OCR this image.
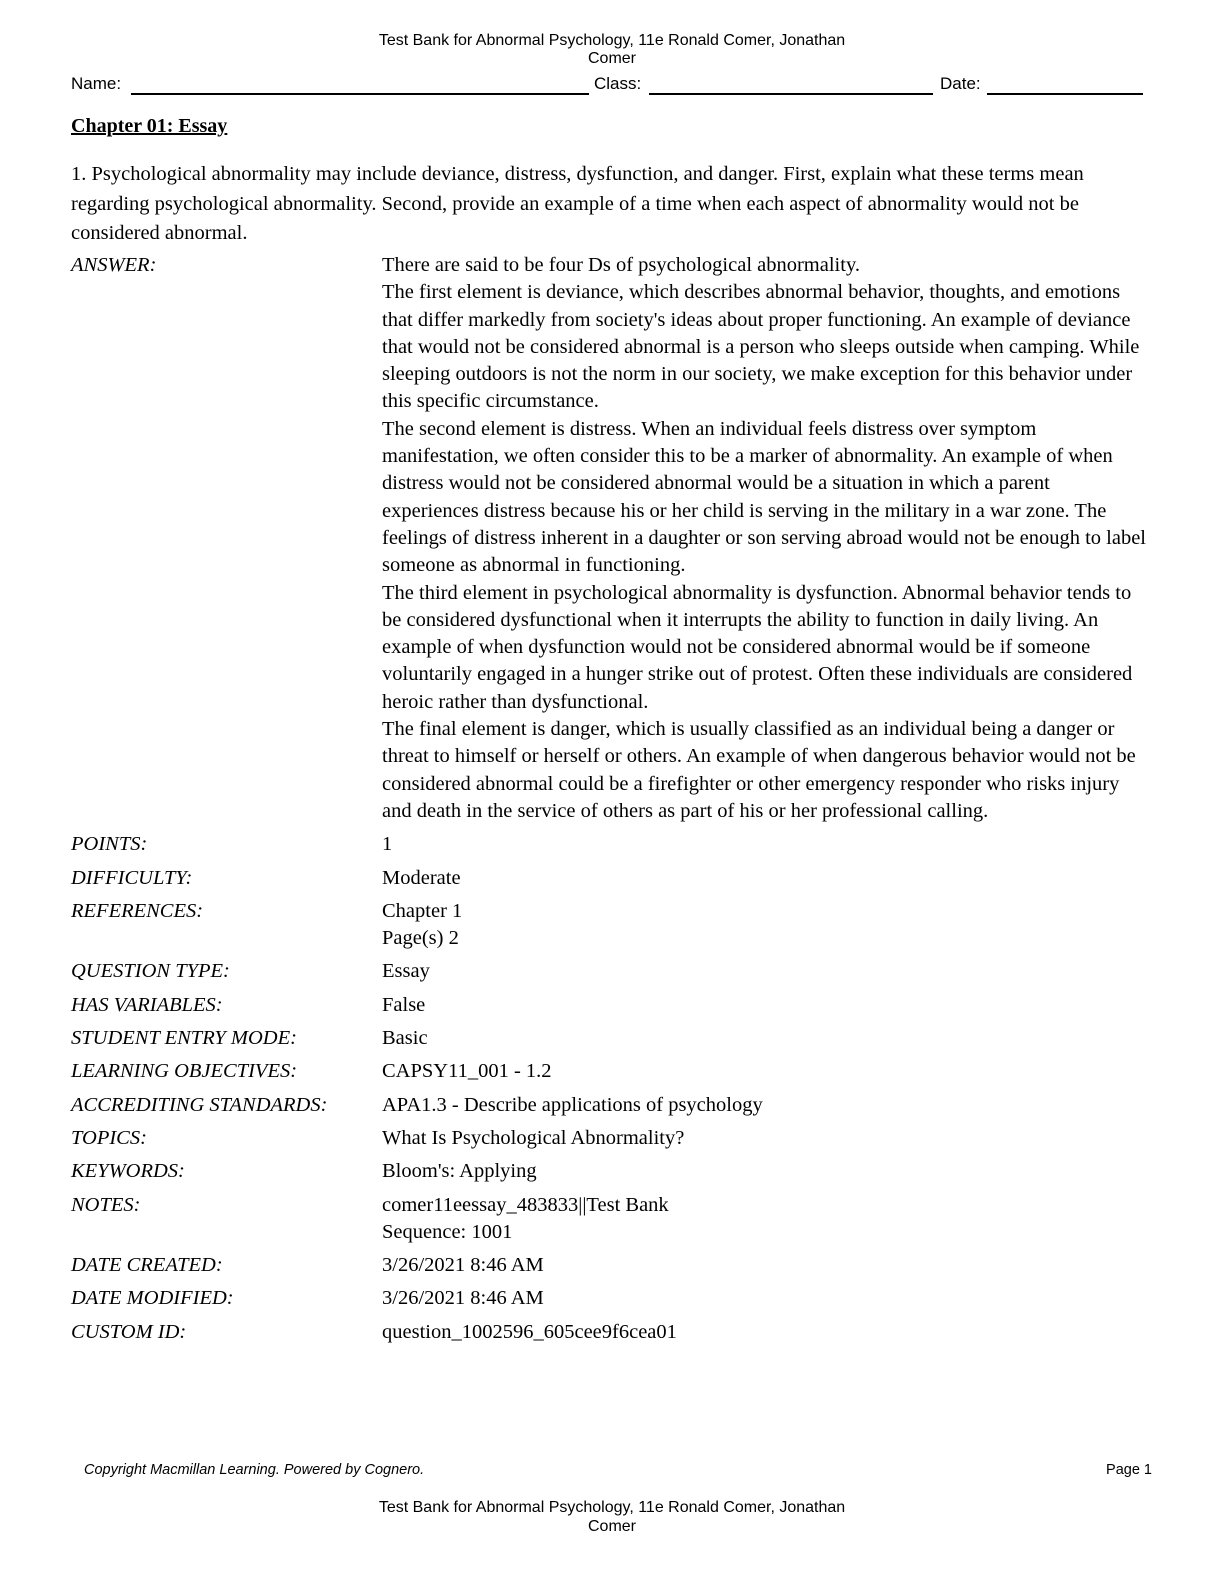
Test Bank for Abnormal Psychology, 11e Ronald Comer, Jonathan
Comer
Name:	Class:	Date:
Chapter 01: Essay
1. Psychological abnormality may include deviance, distress, dysfunction, and danger. First, explain what these terms mean regarding psychological abnormality. Second, provide an example of a time when each aspect of abnormality would not be considered abnormal.
ANSWER:	There are said to be four Ds of psychological abnormality.

The first element is deviance, which describes abnormal behavior, thoughts, and emotions that differ markedly from society's ideas about proper functioning. An example of deviance that would not be considered abnormal is a person who sleeps outside when camping. While sleeping outdoors is not the norm in our society, we make exception for this behavior under this specific circumstance.

The second element is distress. When an individual feels distress over symptom manifestation, we often consider this to be a marker of abnormality. An example of when distress would not be considered abnormal would be a situation in which a parent experiences distress because his or her child is serving in the military in a war zone. The feelings of distress inherent in a daughter or son serving abroad would not be enough to label someone as abnormal in functioning.

The third element in psychological abnormality is dysfunction. Abnormal behavior tends to be considered dysfunctional when it interrupts the ability to function in daily living. An example of when dysfunction would not be considered abnormal would be if someone voluntarily engaged in a hunger strike out of protest. Often these individuals are considered heroic rather than dysfunctional.

The final element is danger, which is usually classified as an individual being a danger or threat to himself or herself or others. An example of when dangerous behavior would not be considered abnormal could be a firefighter or other emergency responder who risks injury and death in the service of others as part of his or her professional calling.

POINTS:	1
DIFFICULTY:	Moderate
REFERENCES:	Chapter 1
Page(s) 2
QUESTION TYPE:	Essay
HAS VARIABLES:	False
STUDENT ENTRY MODE:	Basic
LEARNING OBJECTIVES:	CAPSY11_001 - 1.2
ACCREDITING STANDARDS:	APA1.3 - Describe applications of psychology
TOPICS:	What Is Psychological Abnormality?
KEYWORDS:	Bloom's: Applying
NOTES:	comer11eessay_483833||Test Bank
Sequence: 1001
DATE CREATED:	3/26/2021 8:46 AM
DATE MODIFIED:	3/26/2021 8:46 AM
CUSTOM ID:	question_1002596_605cee9f6cea01
Copyright Macmillan Learning. Powered by Cognero.	Page 1
Test Bank for Abnormal Psychology, 11e Ronald Comer, Jonathan
Comer
